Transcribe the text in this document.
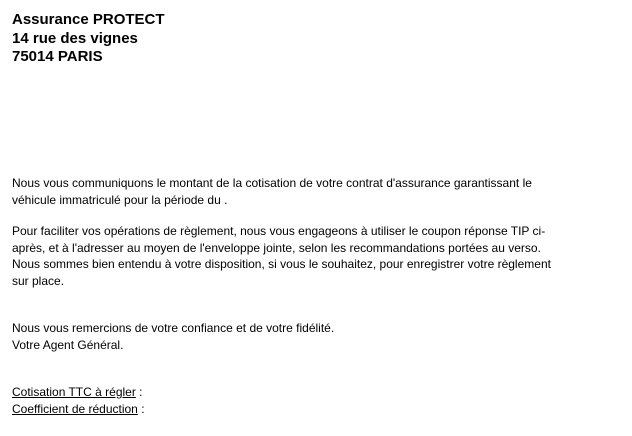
Assurance PROTECT
14 rue des vignes
75014 PARIS
Nous vous communiquons le montant de la cotisation de votre contrat d'assurance garantissant le
véhicule immatriculé pour la période du .
Pour faciliter vos opérations de règlement, nous vous engageons à utiliser le coupon réponse TIP ci-
après, et à l'adresser au moyen de l'enveloppe jointe, selon les recommandations portées au verso.
Nous sommes bien entendu à votre disposition, si vous le souhaitez, pour enregistrer votre règlement
sur place.
Nous vous remercions de votre confiance et de votre fidélité.
Votre Agent Général.
Cotisation TTC à régler :
Coefficient de réduction :
